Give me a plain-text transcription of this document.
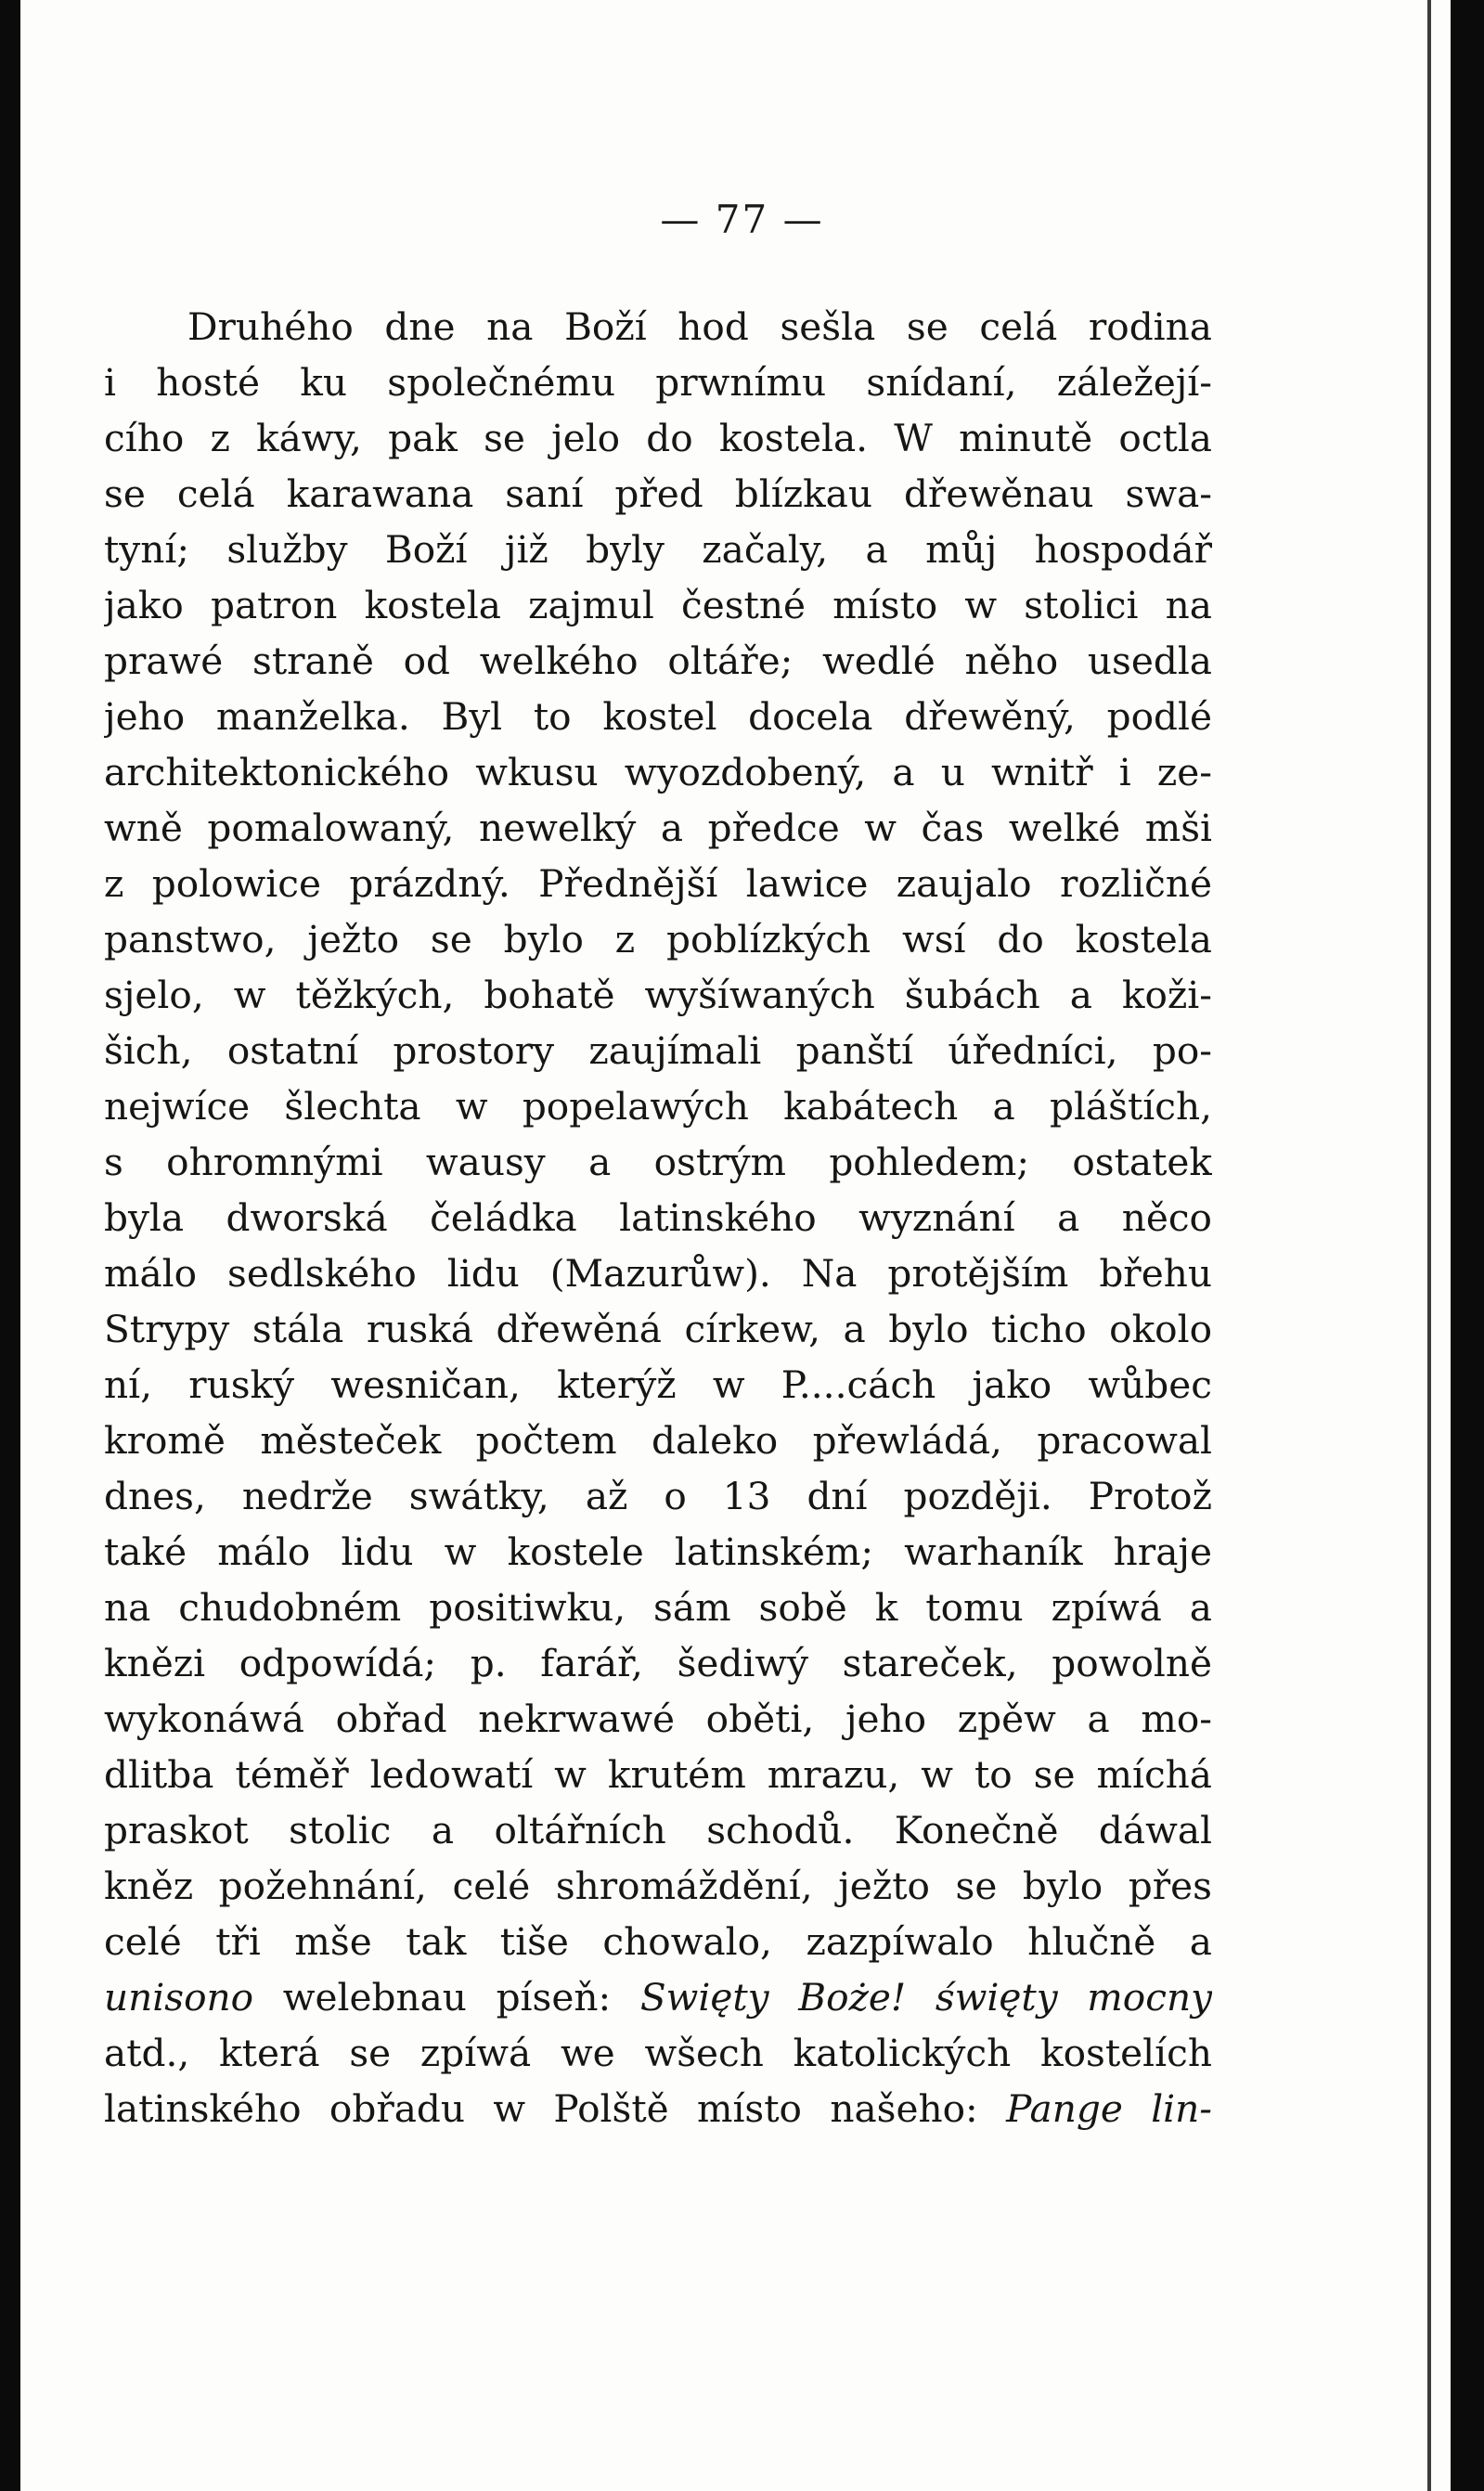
— 77 —
Druhého dne na Boží hod sešla se celá rodina
i hosté ku společnému prwnímu snídaní, záležejí-
cího z káwy, pak se jelo do kostela. W minutě octla
se celá karawana saní před blízkau dřewěnau swa-
tyní; služby Boží již byly začaly, a můj hospodář
jako patron kostela zajmul čestné místo w stolici na
prawé straně od welkého oltáře; wedlé něho usedla
jeho manželka. Byl to kostel docela dřewěný, podlé
architektonického wkusu wyozdobený, a u wnitř i ze-
wně pomalowaný, newelký a předce w čas welké mši
z polowice prázdný. Přednější lawice zaujalo rozličné
panstwo, ježto se bylo z poblízkých wsí do kostela
sjelo, w těžkých, bohatě wyšíwaných šubách a koži-
šich, ostatní prostory zaujímali panští úředníci, po-
nejwíce šlechta w popelawých kabátech a pláštích,
s ohromnými wausy a ostrým pohledem; ostatek
byla dworská čeládka latinského wyznání a něco
málo sedlského lidu (Mazurůw). Na protějším břehu
Strypy stála ruská dřewěná církew, a bylo ticho okolo
ní, ruský wesničan, kterýž w P....cách jako wůbec
kromě městeček počtem daleko přewládá, pracowal
dnes, nedrže swátky, až o 13 dní později. Protož
také málo lidu w kostele latinském; warhaník hraje
na chudobném positiwku, sám sobě k tomu zpíwá a
knězi odpowídá; p. farář, šediwý stareček, powolně
wykonáwá obřad nekrwawé oběti, jeho zpěw a mo-
dlitba téměř ledowatí w krutém mrazu, w to se míchá
praskot stolic a oltářních schodů. Konečně dáwal
kněz požehnání, celé shromáždění, ježto se bylo přes
celé tři mše tak tiše chowalo, zazpíwalo hlučně a
unisono welebnau píseň: Swięty Boże! święty mocny
atd., která se zpíwá we wšech katolických kostelích
latinského obřadu w Polště místo našeho: Pange lin-
